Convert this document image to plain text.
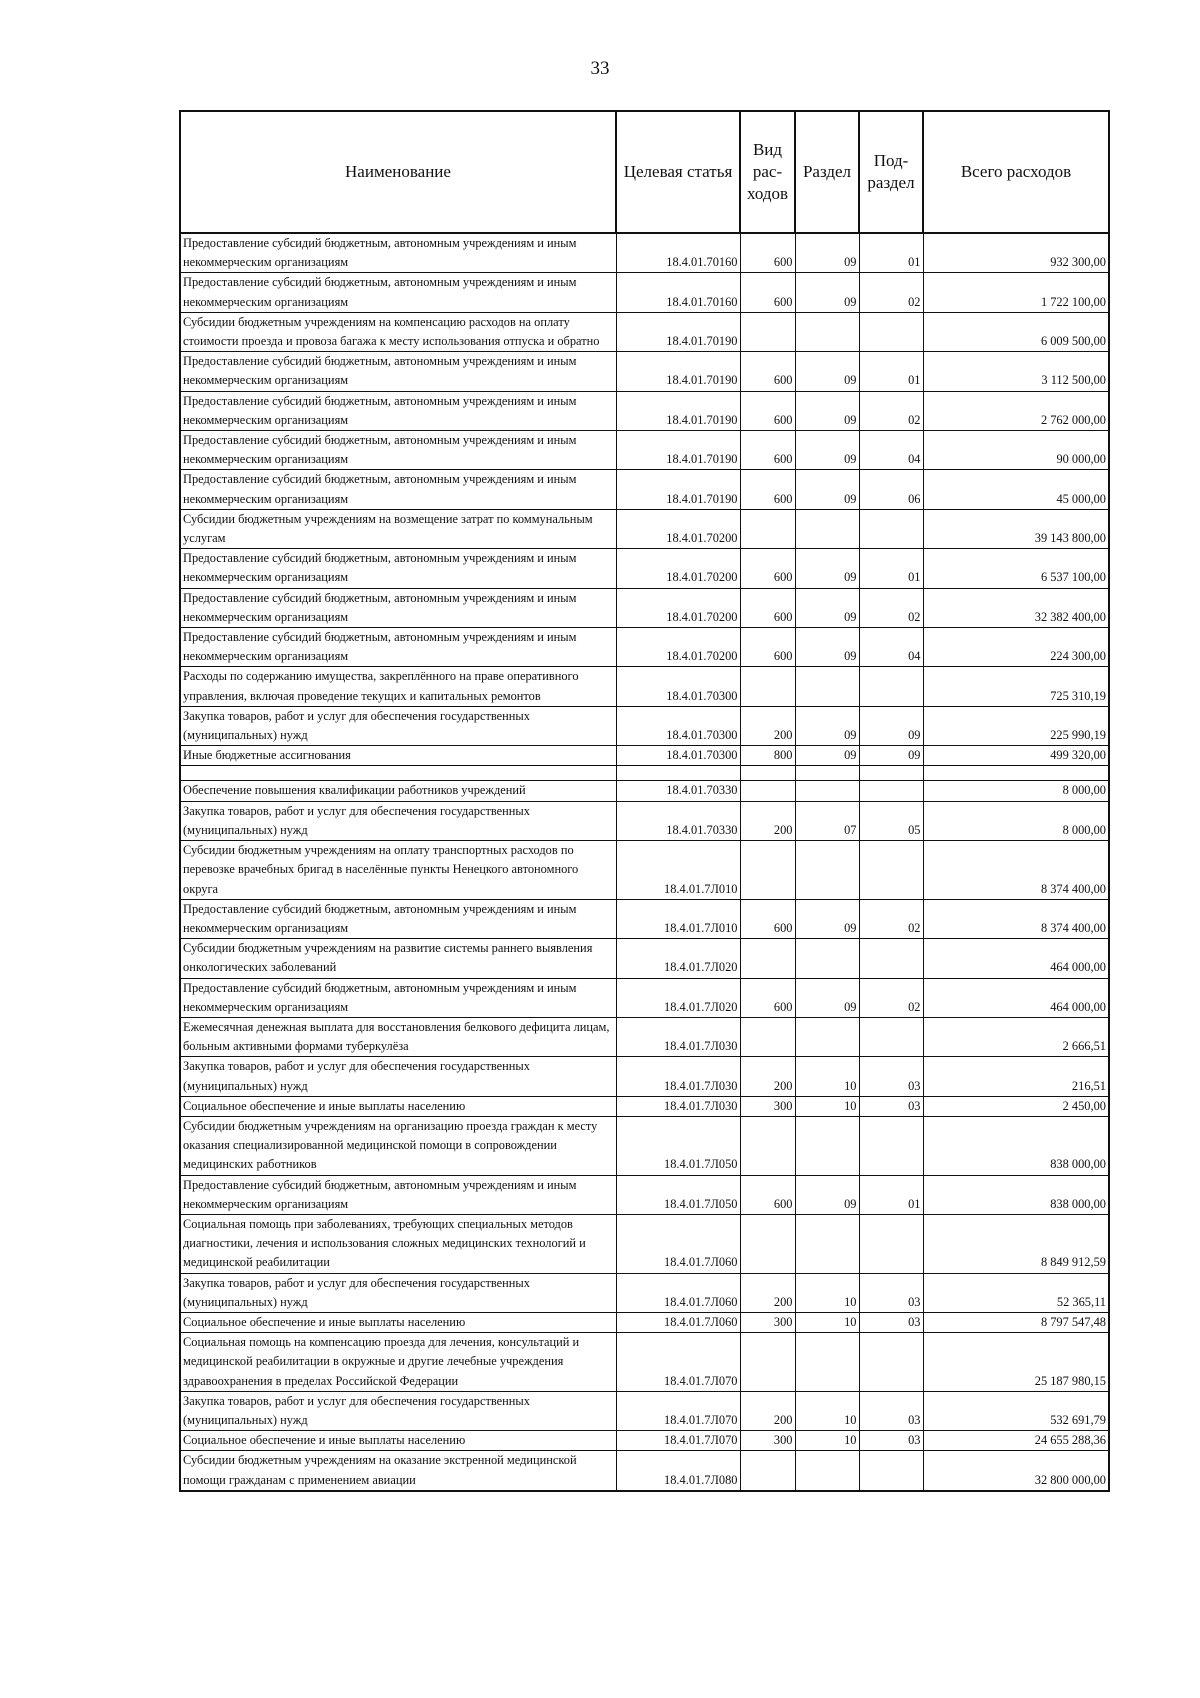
33
Наименование	Целевая статья	Вид рас-ходов	Раздел	Под-раздел	Всего расходов
Предоставление субсидий бюджетным, автономным учреждениям и иным некоммерческим организациям	18.4.01.70160	600	09	01	932 300,00
Предоставление субсидий бюджетным, автономным учреждениям и иным некоммерческим организациям	18.4.01.70160	600	09	02	1 722 100,00
Субсидии бюджетным учреждениям на компенсацию расходов на оплату стоимости проезда и провоза багажа к месту использования отпуска и обратно	18.4.01.70190				6 009 500,00
Предоставление субсидий бюджетным, автономным учреждениям и иным некоммерческим организациям	18.4.01.70190	600	09	01	3 112 500,00
Предоставление субсидий бюджетным, автономным учреждениям и иным некоммерческим организациям	18.4.01.70190	600	09	02	2 762 000,00
Предоставление субсидий бюджетным, автономным учреждениям и иным некоммерческим организациям	18.4.01.70190	600	09	04	90 000,00
Предоставление субсидий бюджетным, автономным учреждениям и иным некоммерческим организациям	18.4.01.70190	600	09	06	45 000,00
Субсидии бюджетным учреждениям на возмещение затрат по коммунальным услугам	18.4.01.70200				39 143 800,00
Предоставление субсидий бюджетным, автономным учреждениям и иным некоммерческим организациям	18.4.01.70200	600	09	01	6 537 100,00
Предоставление субсидий бюджетным, автономным учреждениям и иным некоммерческим организациям	18.4.01.70200	600	09	02	32 382 400,00
Предоставление субсидий бюджетным, автономным учреждениям и иным некоммерческим организациям	18.4.01.70200	600	09	04	224 300,00
Расходы по содержанию имущества, закреплённого на праве оперативного управления, включая проведение текущих и капитальных ремонтов	18.4.01.70300				725 310,19
Закупка товаров, работ и услуг для обеспечения государственных (муниципальных) нужд	18.4.01.70300	200	09	09	225 990,19
Иные бюджетные ассигнования	18.4.01.70300	800	09	09	499 320,00

Обеспечение повышения квалификации работников учреждений	18.4.01.70330				8 000,00
Закупка товаров, работ и услуг для обеспечения государственных (муниципальных) нужд	18.4.01.70330	200	07	05	8 000,00
Субсидии бюджетным учреждениям на оплату транспортных расходов по перевозке врачебных бригад в населённые пункты Ненецкого автономного округа	18.4.01.7Л010				8 374 400,00
Предоставление субсидий бюджетным, автономным учреждениям и иным некоммерческим организациям	18.4.01.7Л010	600	09	02	8 374 400,00
Субсидии бюджетным учреждениям на развитие системы раннего выявления онкологических заболеваний	18.4.01.7Л020				464 000,00
Предоставление субсидий бюджетным, автономным учреждениям и иным некоммерческим организациям	18.4.01.7Л020	600	09	02	464 000,00
Ежемесячная денежная выплата для восстановления белкового дефицита лицам, больным активными формами туберкулёза	18.4.01.7Л030				2 666,51
Закупка товаров, работ и услуг для обеспечения государственных (муниципальных) нужд	18.4.01.7Л030	200	10	03	216,51
Социальное обеспечение и иные выплаты населению	18.4.01.7Л030	300	10	03	2 450,00
Субсидии бюджетным учреждениям на организацию проезда граждан к месту оказания специализированной медицинской помощи в сопровождении медицинских работников	18.4.01.7Л050				838 000,00
Предоставление субсидий бюджетным, автономным учреждениям и иным некоммерческим организациям	18.4.01.7Л050	600	09	01	838 000,00
Социальная помощь при заболеваниях, требующих специальных методов диагностики, лечения и использования сложных медицинских технологий и медицинской реабилитации	18.4.01.7Л060				8 849 912,59
Закупка товаров, работ и услуг для обеспечения государственных (муниципальных) нужд	18.4.01.7Л060	200	10	03	52 365,11
Социальное обеспечение и иные выплаты населению	18.4.01.7Л060	300	10	03	8 797 547,48
Социальная помощь на компенсацию проезда для лечения, консультаций и медицинской реабилитации в окружные и другие лечебные учреждения здравоохранения в пределах Российской Федерации	18.4.01.7Л070				25 187 980,15
Закупка товаров, работ и услуг для обеспечения государственных (муниципальных) нужд	18.4.01.7Л070	200	10	03	532 691,79
Социальное обеспечение и иные выплаты населению	18.4.01.7Л070	300	10	03	24 655 288,36
Субсидии бюджетным учреждениям на оказание экстренной медицинской помощи гражданам с применением авиации	18.4.01.7Л080				32 800 000,00
